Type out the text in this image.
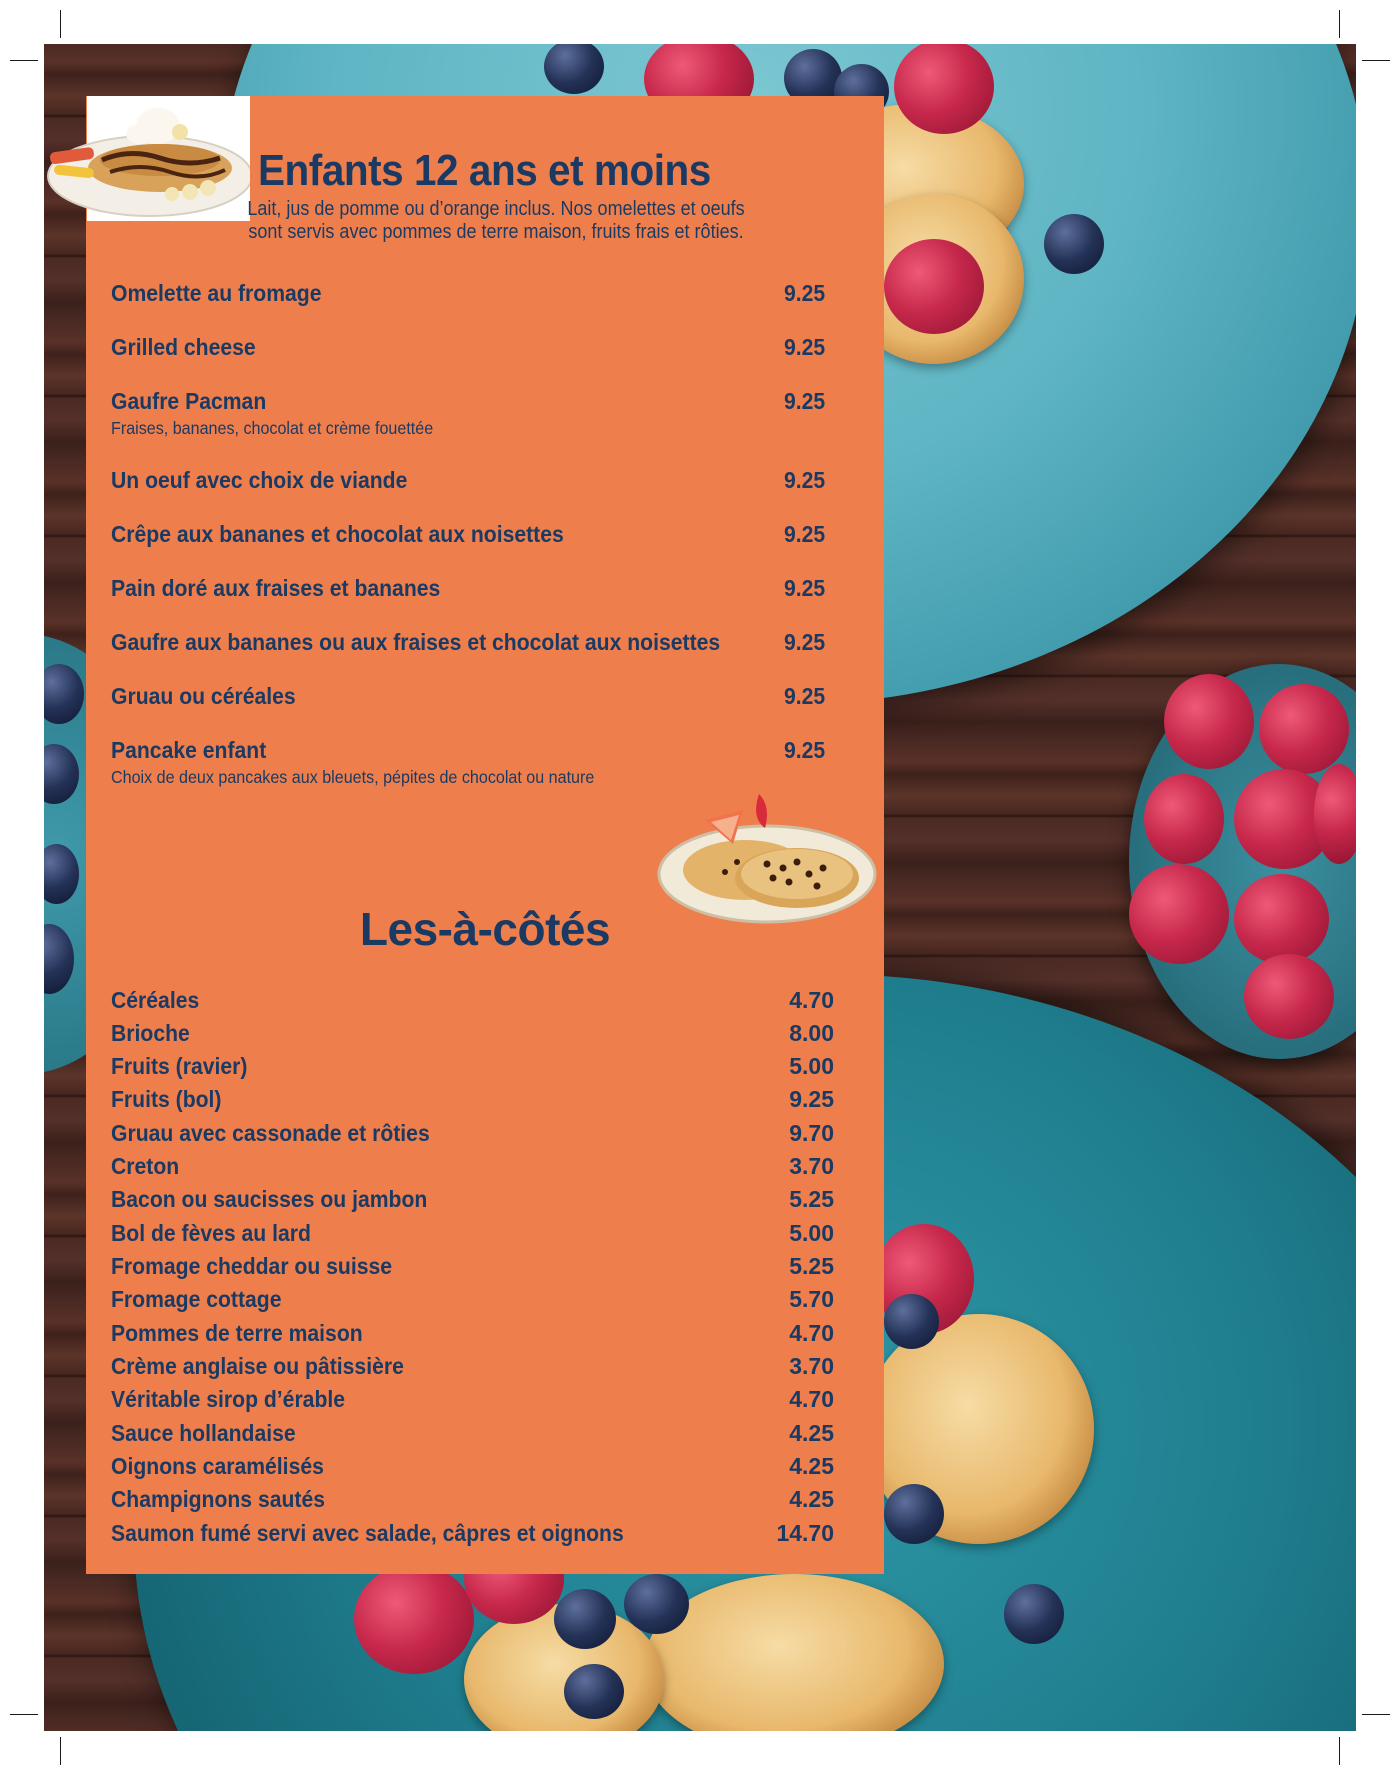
Enfants 12 ans et moins
Lait, jus de pomme ou d’orange inclus. Nos omelettes et oeufs
sont servis avec pommes de terre maison, fruits frais et rôties.
Omelette au fromage	9.25
Grilled cheese	9.25
Gaufre Pacman	9.25
Fraises, bananes, chocolat et crème fouettée
Un oeuf avec choix de viande	9.25
Crêpe aux bananes et chocolat aux noisettes	9.25
Pain doré aux fraises et bananes	9.25
Gaufre aux bananes ou aux fraises et chocolat aux noisettes	9.25
Gruau ou céréales	9.25
Pancake enfant	9.25
Choix de deux pancakes aux bleuets, pépites de chocolat ou nature
Les-à-côtés
Céréales	4.70
Brioche	8.00
Fruits (ravier)	5.00
Fruits (bol)	9.25
Gruau avec cassonade et rôties	9.70
Creton	3.70
Bacon ou saucisses ou jambon	5.25
Bol de fèves au lard	5.00
Fromage cheddar ou suisse	5.25
Fromage cottage	5.70
Pommes de terre maison	4.70
Crème anglaise ou pâtissière	3.70
Véritable sirop d’érable	4.70
Sauce hollandaise	4.25
Oignons caramélisés	4.25
Champignons sautés	4.25
Saumon fumé servi avec salade, câpres et oignons	14.70
